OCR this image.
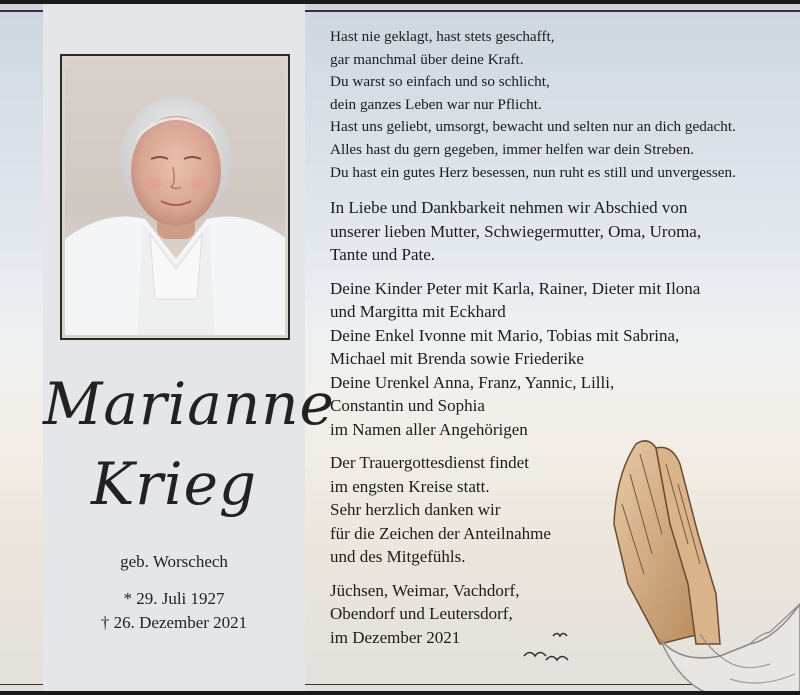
Marianne
Krieg
geb. Worschech
* 29. Juli 1927
† 26. Dezember 2021
Hast nie geklagt, hast stets geschafft,
gar manchmal über deine Kraft.
Du warst so einfach und so schlicht,
dein ganzes Leben war nur Pflicht.
Hast uns geliebt, umsorgt, bewacht und selten nur an dich gedacht.
Alles hast du gern gegeben, immer helfen war dein Streben.
Du hast ein gutes Herz besessen, nun ruht es still und unvergessen.
In Liebe und Dankbarkeit nehmen wir Abschied von
unserer lieben Mutter, Schwiegermutter, Oma, Uroma,
Tante und Pate.
Deine Kinder Peter mit Karla, Rainer, Dieter mit Ilona
und Margitta mit Eckhard
Deine Enkel Ivonne mit Mario, Tobias mit Sabrina,
Michael mit Brenda sowie Friederike
Deine Urenkel Anna, Franz, Yannic, Lilli,
Constantin und Sophia
im Namen aller Angehörigen
Der Trauergottesdienst findet
im engsten Kreise statt.
Sehr herzlich danken wir
für die Zeichen der Anteilnahme
und des Mitgefühls.
Jüchsen, Weimar, Vachdorf,
Obendorf und Leutersdorf,
im Dezember 2021
